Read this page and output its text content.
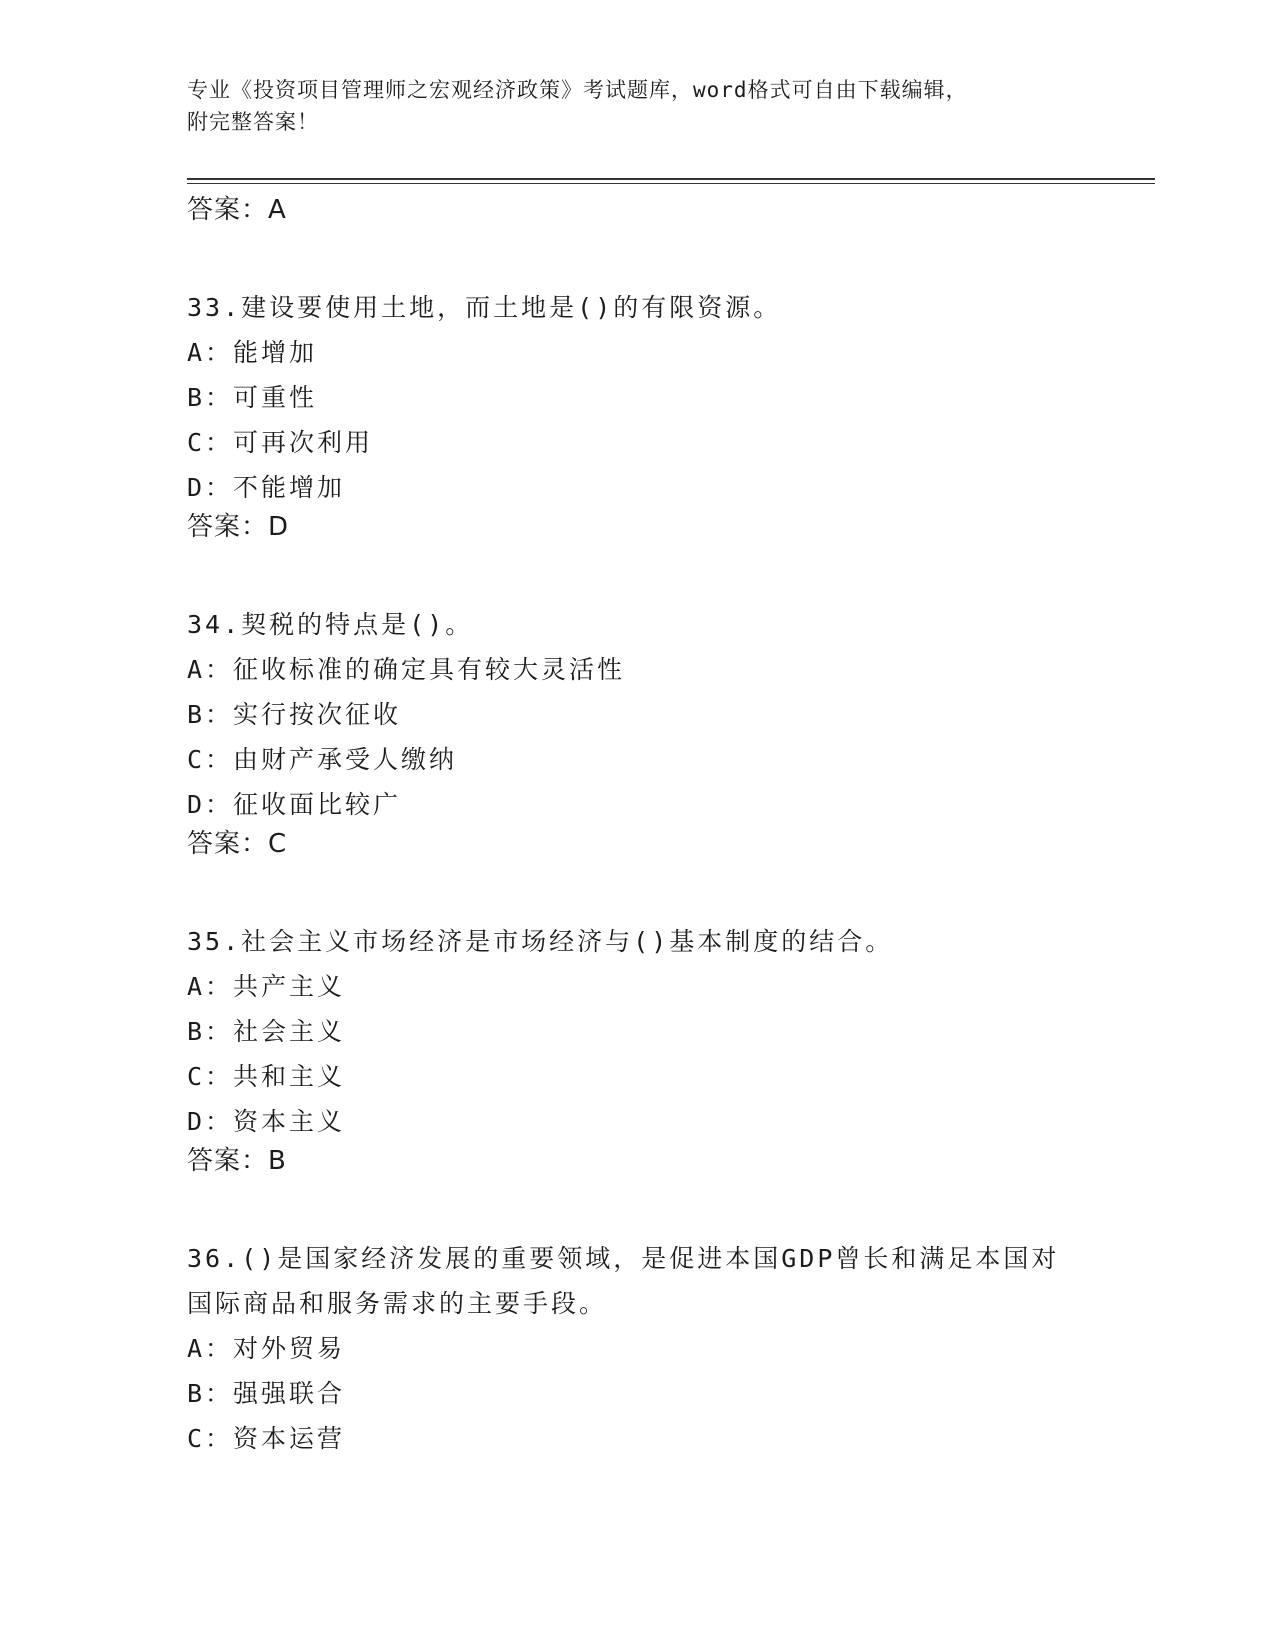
专业《投资项目管理师之宏观经济政策》考试题库，word格式可自由下载编辑，
附完整答案！
答案：A
33.建设要使用土地，而土地是()的有限资源。
A：能增加
B：可重性
C：可再次利用
D：不能增加
答案：D
34.契税的特点是()。
A：征收标准的确定具有较大灵活性
B：实行按次征收
C：由财产承受人缴纳
D：征收面比较广
答案：C
35.社会主义市场经济是市场经济与()基本制度的结合。
A：共产主义
B：社会主义
C：共和主义
D：资本主义
答案：B
36.()是国家经济发展的重要领域，是促进本国GDP曾长和满足本国对
国际商品和服务需求的主要手段。
A：对外贸易
B：强强联合
C：资本运营
